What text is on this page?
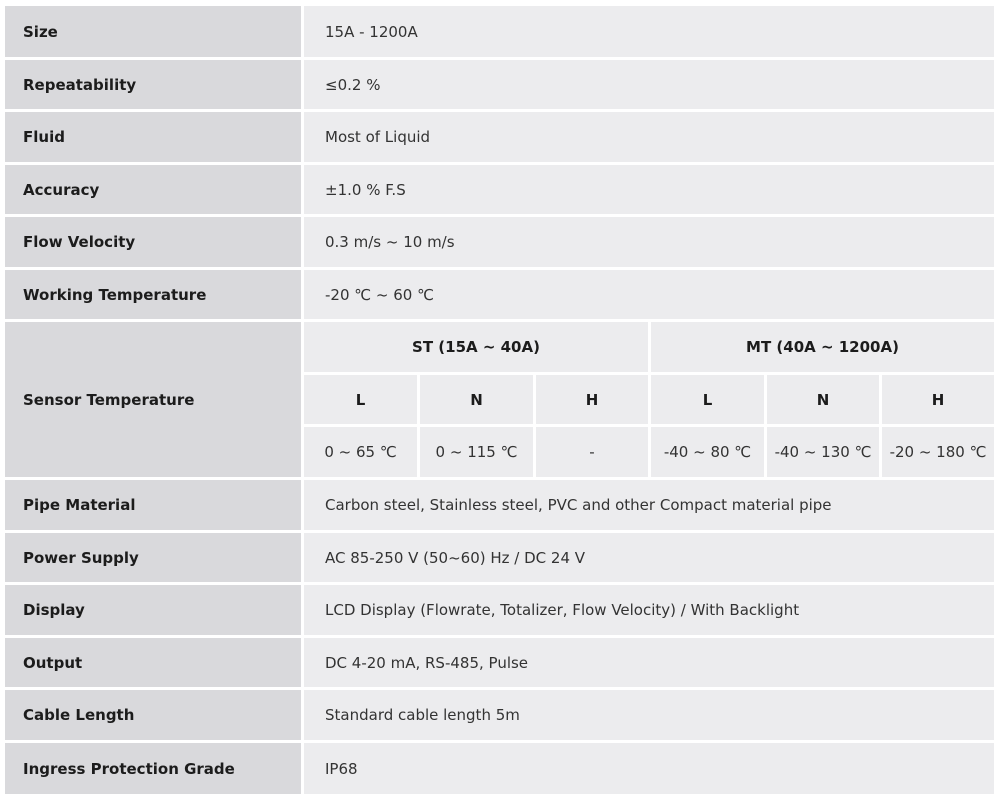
Size	15A - 1200A
Repeatability	≤0.2 %
Fluid	Most of Liquid
Accuracy	±1.0 % F.S
Flow Velocity	0.3 m/s ~ 10 m/s
Working Temperature	-20 ℃ ~ 60 ℃
Sensor Temperature
ST (15A ~ 40A)	MT (40A ~ 1200A)
L	N	H	L	N	H
0 ~ 65 ℃	0 ~ 115 ℃	-	-40 ~ 80 ℃	-40 ~ 130 ℃	-20 ~ 180 ℃
Pipe Material	Carbon steel, Stainless steel, PVC and other Compact material pipe
Power Supply	AC 85-250 V (50~60) Hz / DC 24 V
Display	LCD Display (Flowrate, Totalizer, Flow Velocity) / With Backlight
Output	DC 4-20 mA, RS-485, Pulse
Cable Length	Standard cable length 5m
Ingress Protection Grade	IP68
